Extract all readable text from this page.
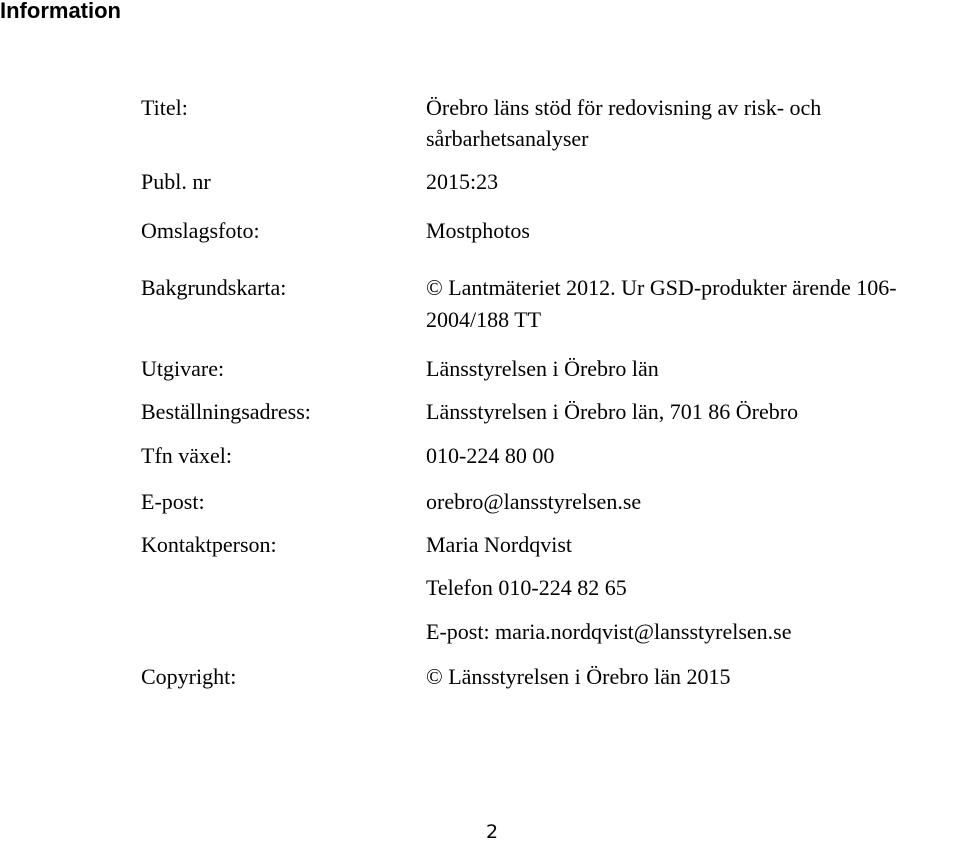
Information
Titel:	Örebro läns stöd för redovisning av risk- och
sårbarhetsanalyser
Publ. nr	2015:23
Omslagsfoto:	Mostphotos
Bakgrundskarta:	© Lantmäteriet 2012. Ur GSD-produkter ärende 106-
2004/188 TT
Utgivare:	Länsstyrelsen i Örebro län
Beställningsadress:	Länsstyrelsen i Örebro län, 701 86 Örebro
Tfn växel:	010-224 80 00
E-post:	orebro@lansstyrelsen.se
Kontaktperson:	Maria Nordqvist
Telefon 010-224 82 65
E-post: maria.nordqvist@lansstyrelsen.se
Copyright:	© Länsstyrelsen i Örebro län 2015
2
